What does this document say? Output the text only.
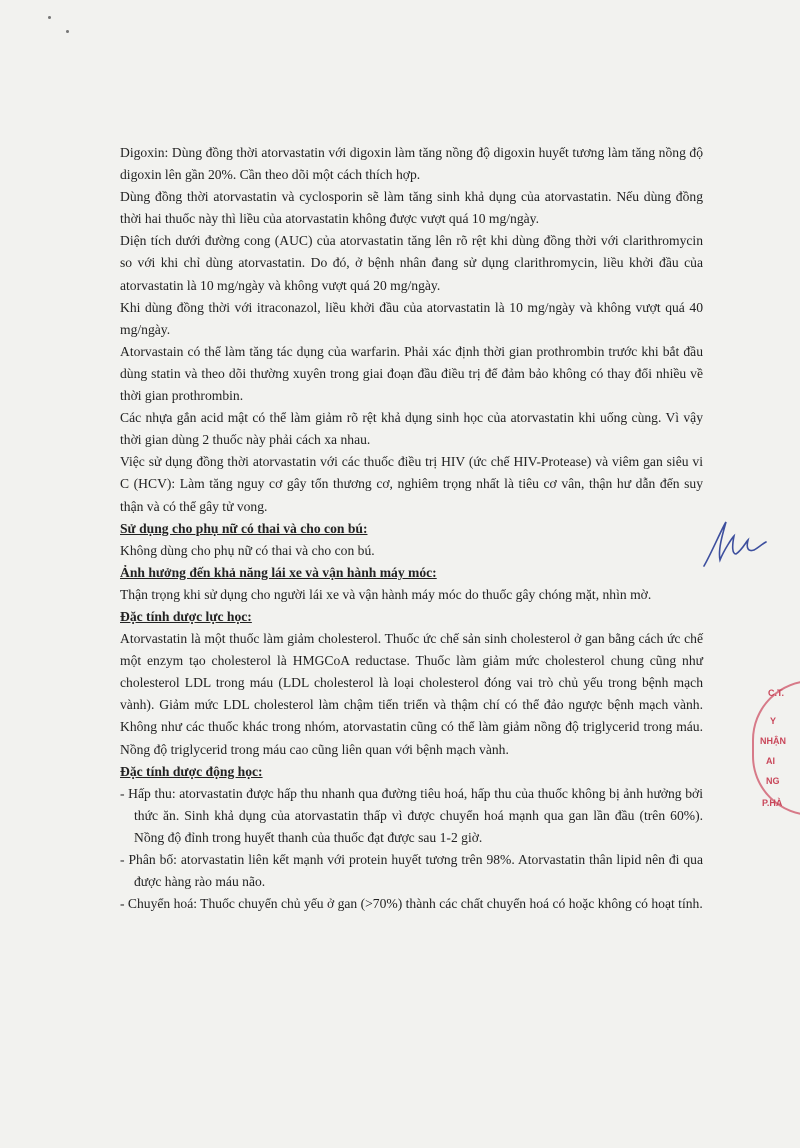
Digoxin: Dùng đồng thời atorvastatin với digoxin làm tăng nồng độ digoxin huyết tương làm tăng nồng độ digoxin lên gần 20%. Cần theo dõi một cách thích hợp.

Dùng đồng thời atorvastatin và cyclosporin sẽ làm tăng sinh khả dụng của atorvastatin. Nếu dùng đồng thời hai thuốc này thì liều của atorvastatin không được vượt quá 10 mg/ngày.

Diện tích dưới đường cong (AUC) của atorvastatin tăng lên rõ rệt khi dùng đồng thời với clarithromycin so với khi chỉ dùng atorvastatin. Do đó, ở bệnh nhân đang sử dụng clarithromycin, liều khởi đầu của atorvastatin là 10 mg/ngày và không vượt quá 20 mg/ngày.

Khi dùng đồng thời với itraconazol, liều khởi đầu của atorvastatin là 10 mg/ngày và không vượt quá 40 mg/ngày.

Atorvastain có thể làm tăng tác dụng của warfarin. Phải xác định thời gian prothrombin trước khi bắt đầu dùng statin và theo dõi thường xuyên trong giai đoạn đầu điều trị để đảm bảo không có thay đổi nhiều về thời gian prothrombin.

Các nhựa gắn acid mật có thể làm giảm rõ rệt khả dụng sinh học của atorvastatin khi uống cùng. Vì vậy thời gian dùng 2 thuốc này phải cách xa nhau.

Việc sử dụng đồng thời atorvastatin với các thuốc điều trị HIV (ức chế HIV-Protease) và viêm gan siêu vi C (HCV): Làm tăng nguy cơ gây tổn thương cơ, nghiêm trọng nhất là tiêu cơ vân, thận hư dẫn đến suy thận và có thể gây tử vong.

Sử dụng cho phụ nữ có thai và cho con bú:

Không dùng cho phụ nữ có thai và cho con bú.

Ảnh hưởng đến khả năng lái xe và vận hành máy móc:

Thận trọng khi sử dụng cho người lái xe và vận hành máy móc do thuốc gây chóng mặt, nhìn mờ.

Đặc tính dược lực học:

Atorvastatin là một thuốc làm giảm cholesterol. Thuốc ức chế sản sinh cholesterol ở gan bằng cách ức chế một enzym tạo cholesterol là HMGCoA reductase. Thuốc làm giảm mức cholesterol chung cũng như cholesterol LDL trong máu (LDL cholesterol là loại cholesterol đóng vai trò chủ yếu trong bệnh mạch vành). Giảm mức LDL cholesterol làm chậm tiến triển và thậm chí có thể đảo ngược bệnh mạch vành. Không như các thuốc khác trong nhóm, atorvastatin cũng có thể làm giảm nồng độ triglycerid trong máu. Nồng độ triglycerid trong máu cao cũng liên quan với bệnh mạch vành.

Đặc tính dược động học:

- Hấp thu: atorvastatin được hấp thu nhanh qua đường tiêu hoá, hấp thu của thuốc không bị ảnh hưởng bởi thức ăn. Sinh khả dụng của atorvastatin thấp vì được chuyển hoá mạnh qua gan lần đầu (trên 60%). Nồng độ đỉnh trong huyết thanh của thuốc đạt được sau 1-2 giờ.

- Phân bố: atorvastatin liên kết mạnh với protein huyết tương trên 98%. Atorvastatin thân lipid nên đi qua được hàng rào máu não.

- Chuyển hoá: Thuốc chuyển chủ yếu ở gan (>70%) thành các chất chuyển hoá có hoặc không có hoạt tính.

C.T.
Y
NHẬN
AI
NG
P.HÀ
